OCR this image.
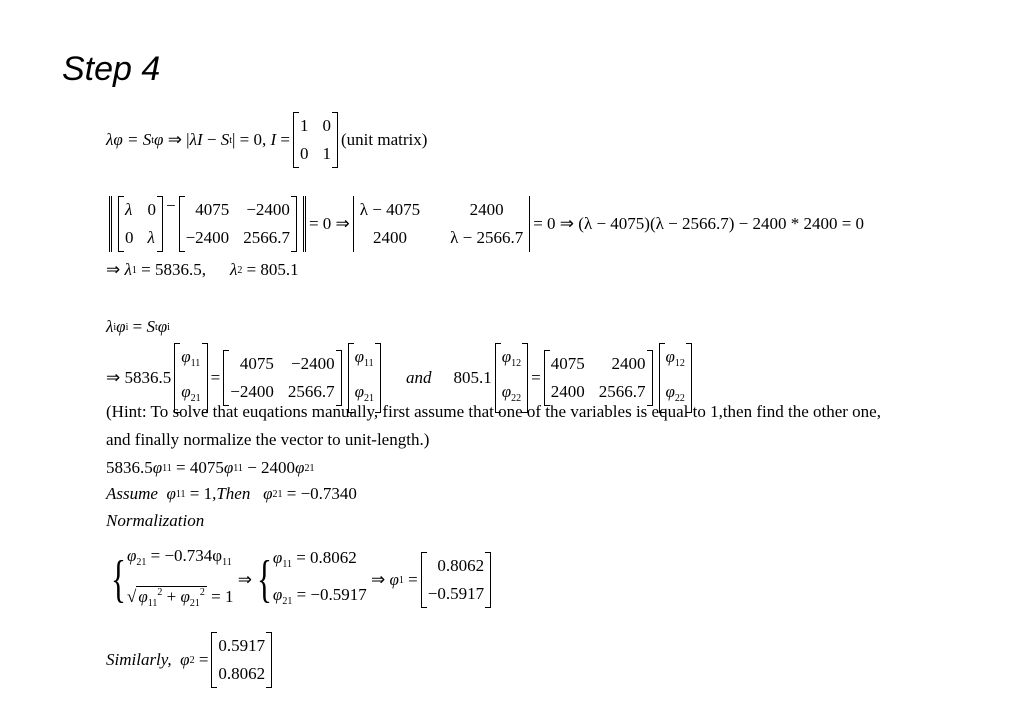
Step 4
λφ = S t φ ⇒ | λI − S t | = 0, I =
1
0
0
1
(unit matrix)
λ
0
0
λ
−	4075
−2400
−2400
2566.7
= 0 ⇒
λ − 4075
2400
2400
λ − 2566.7
= 0 ⇒ (λ − 4075)(λ − 2566.7) − 2400 * 2400 = 0
⇒ λ 1
= 5836.5, λ 2
= 805.1
λ i φ i = S t φ i
⇒ 5836.5
$\varphi_{11}$
$\varphi_{21}$
=
4075
−2400
−2400
2566.7
$\varphi_{11}$
$\varphi_{21}$
and 805.1
$\varphi_{12}$
$\varphi_{22}$
=
4075
2400
2400
2566.7
$\varphi_{12}$
$\varphi_{22}$
(Hint: To solve that euqations manually, first assume that one of the variables is equal to 1,then find the other one,
and finally normalize the vector to unit-length.)
5836.5 φ 11 = 4075 φ 11 − 2400 φ 21
Assume
φ 11
= 1, Then
φ 21
= −0.7340
Normalization
{ $\varphi_{21} = -0.734\varphi_{11}$
√ $\varphi_{11}^2 + \varphi_{21}^2 = 1$
⇒ { $\varphi_{11} = 0.8062$
$\varphi_{21} = -0.5917$
⇒ φ 1 =
0.8062
−0.5917
Similarly,
φ 2 =
0.5917
0.8062
